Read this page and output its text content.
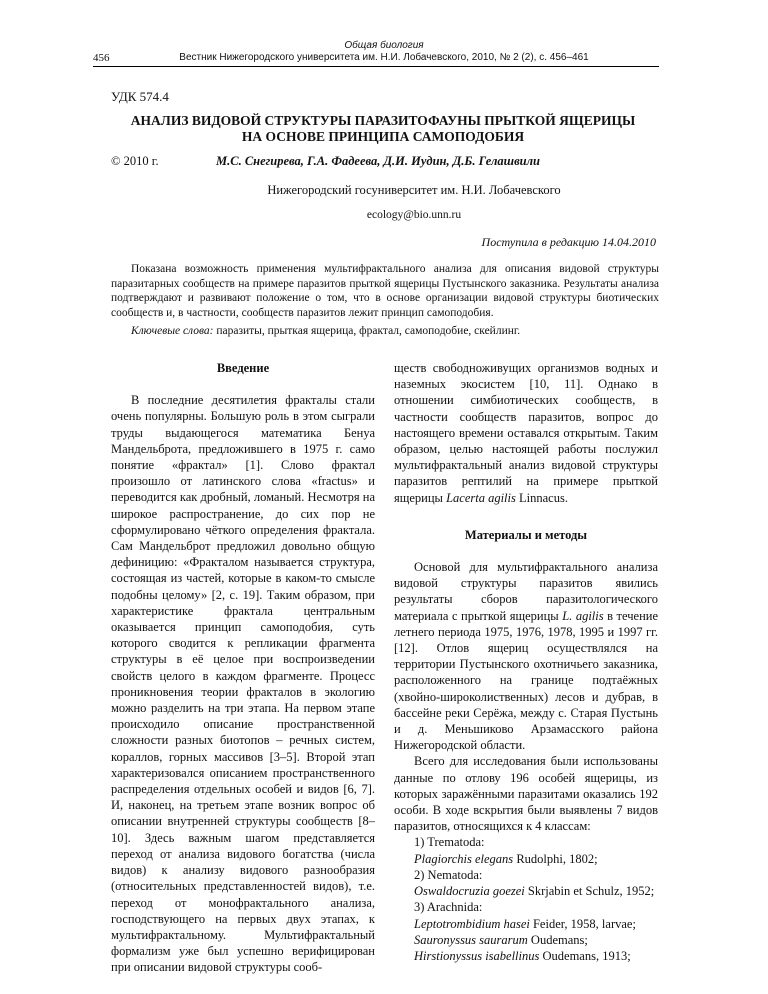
Общая биология
Вестник Нижегородского университета им. Н.И. Лобачевского, 2010, № 2 (2), с. 456–461
456
УДК 574.4
АНАЛИЗ ВИДОВОЙ СТРУКТУРЫ ПАРАЗИТОФАУНЫ ПРЫТКОЙ ЯЩЕРИЦЫ
НА ОСНОВЕ ПРИНЦИПА САМОПОДОБИЯ
© 2010 г.	М.С. Снегирева, Г.А. Фадеева, Д.И. Иудин, Д.Б. Гелашвили
Нижегородский госуниверситет им. Н.И. Лобачевского
ecology@bio.unn.ru
Поступила в редакцию 14.04.2010

Показана возможность применения мультифрактального анализа для описания видовой структуры паразитарных сообществ на примере паразитов прыткой ящерицы Пустынского заказника. Результаты анализа подтверждают и развивают положение о том, что в основе организации видовой структуры биотических сообществ и, в частности, сообществ паразитов лежит принцип самоподобия.

Ключевые слова: паразиты, прыткая ящерица, фрактал, самоподобие, скейлинг.

Введение

В последние десятилетия фракталы стали очень популярны. Большую роль в этом сыграли труды выдающегося математика Бенуа Мандельброта, предложившего в 1975 г. само понятие «фрактал» [1]. Слово фрактал произошло от латинского слова «fractus» и переводится как дробный, ломаный. Несмотря на широкое распространение, до сих пор не сформулировано чёткого определения фрактала. Сам Мандельброт предложил довольно общую дефиницию: «Фракталом называется структура, состоящая из частей, которые в каком-то смысле подобны целому» [2, с. 19]. Таким образом, при характеристике фрактала центральным оказывается принцип самоподобия, суть которого сводится к репликации фрагмента структуры в её целое при воспроизведении свойств целого в каждом фрагменте. Процесс проникновения теории фракталов в экологию можно разделить на три этапа. На первом этапе происходило описание пространственной сложности разных биотопов – речных систем, кораллов, горных массивов [3–5]. Второй этап характеризовался описанием пространственного распределения отдельных особей и видов [6, 7]. И, наконец, на третьем этапе возник вопрос об описании внутренней структуры сообществ [8–10]. Здесь важным шагом представляется переход от анализа видового богатства (числа видов) к анализу видового разнообразия (относительных представленностей видов), т.е. переход от монофрактального анализа, господствующего на первых двух этапах, к мультифрактальному. Мультифрактальный формализм уже был успешно верифицирован при описании видовой структуры сооб-

ществ свободноживущих организмов водных и наземных экосистем [10, 11]. Однако в отношении симбиотических сообществ, в частности сообществ паразитов, вопрос до настоящего времени оставался открытым. Таким образом, целью настоящей работы послужил мультифрактальный анализ видовой структуры паразитов рептилий на примере прыткой ящерицы Lacerta agilis Linnacus.

Материалы и методы

Основой для мультифрактального анализа видовой структуры паразитов явились результаты сборов паразитологического материала с прыткой ящерицы L. agilis в течение летнего периода 1975, 1976, 1978, 1995 и 1997 гг. [12]. Отлов ящериц осуществлялся на территории Пустынского охотничьего заказника, расположенного на границе подтаёжных (хвойно-широколиственных) лесов и дубрав, в бассейне реки Серёжа, между с. Старая Пустынь и д. Меньшиково Арзамасского района Нижегородской области.

Всего для исследования были использованы данные по отлову 196 особей ящерицы, из которых заражёнными паразитами оказались 192 особи. В ходе вскрытия были выявлены 7 видов паразитов, относящихся к 4 классам:

1) Trematoda:
Plagiorchis elegans Rudolphi, 1802;
2) Nematoda:
Oswaldocruzia goezei Skrjabin et Schulz, 1952;
3) Arachnida:
Leptotrombidium hasei Feider, 1958, larvae;
Sauronyssus saurarum Oudemans;
Hirstionyssus isabellinus Oudemans, 1913;
